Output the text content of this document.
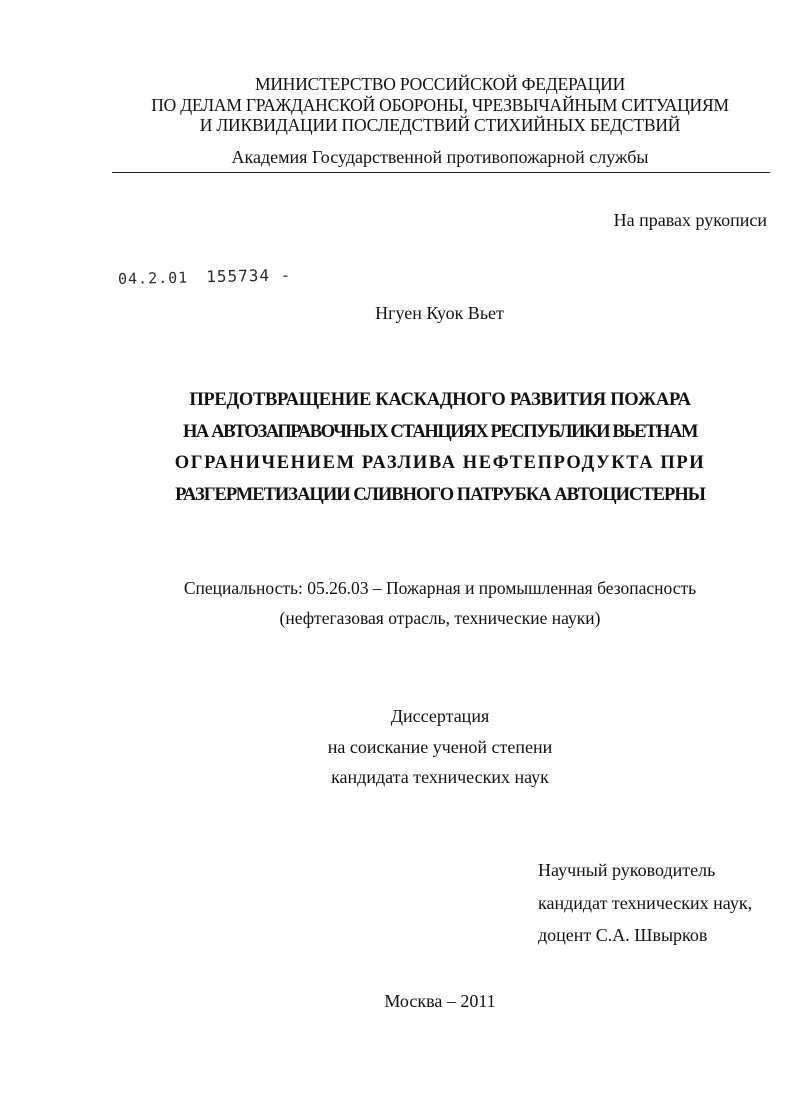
МИНИСТЕРСТВО РОССИЙСКОЙ ФЕДЕРАЦИИ
ПО ДЕЛАМ ГРАЖДАНСКОЙ ОБОРОНЫ, ЧРЕЗВЫЧАЙНЫМ СИТУАЦИЯМ
И ЛИКВИДАЦИИ ПОСЛЕДСТВИЙ СТИХИЙНЫХ БЕДСТВИЙ
Академия Государственной противопожарной службы
На правах рукописи
04.2.01 155734 -
Нгуен Куок Вьет
ПРЕДОТВРАЩЕНИЕ КАСКАДНОГО РАЗВИТИЯ ПОЖАРА
НА АВТОЗАПРАВОЧНЫХ СТАНЦИЯХ РЕСПУБЛИКИ ВЬЕТНАМ
ОГРАНИЧЕНИЕМ РАЗЛИВА НЕФТЕПРОДУКТА ПРИ
РАЗГЕРМЕТИЗАЦИИ СЛИВНОГО ПАТРУБКА АВТОЦИСТЕРНЫ
Специальность: 05.26.03 – Пожарная и промышленная безопасность
(нефтегазовая отрасль, технические науки)
Диссертация
на соискание ученой степени
кандидата технических наук
Научный руководитель
кандидат технических наук,
доцент С.А. Швырков
Москва – 2011
